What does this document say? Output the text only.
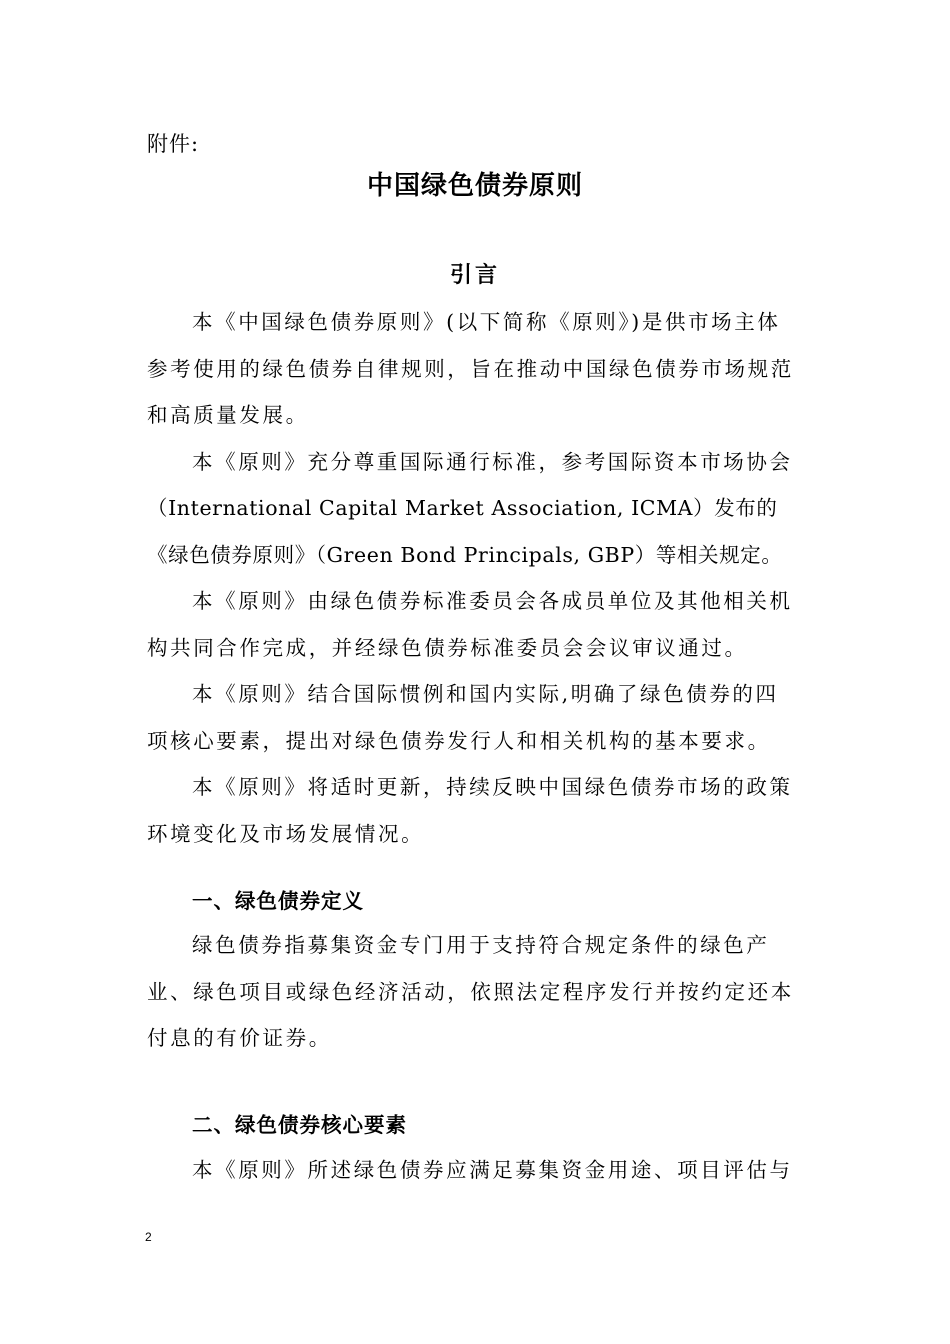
附件:
中国绿色债券原则
引言
本《中国绿色债券原则》(以下简称《原则》)是供市场主体
参考使用的绿色债券自律规则，旨在推动中国绿色债券市场规范
和高质量发展。
本《原则》充分尊重国际通行标准，参考国际资本市场协会
（International Capital Market Association, ICMA）发布的
《绿色债券原则》（Green Bond Principals, GBP）等相关规定。
本《原则》由绿色债券标准委员会各成员单位及其他相关机
构共同合作完成，并经绿色债券标准委员会会议审议通过。
本《原则》结合国际惯例和国内实际,明确了绿色债券的四
项核心要素，提出对绿色债券发行人和相关机构的基本要求。
本《原则》将适时更新，持续反映中国绿色债券市场的政策
环境变化及市场发展情况。
一、绿色债券定义
绿色债券指募集资金专门用于支持符合规定条件的绿色产
业、绿色项目或绿色经济活动，依照法定程序发行并按约定还本
付息的有价证券。
二、绿色债券核心要素
本《原则》所述绿色债券应满足募集资金用途、项目评估与
2
